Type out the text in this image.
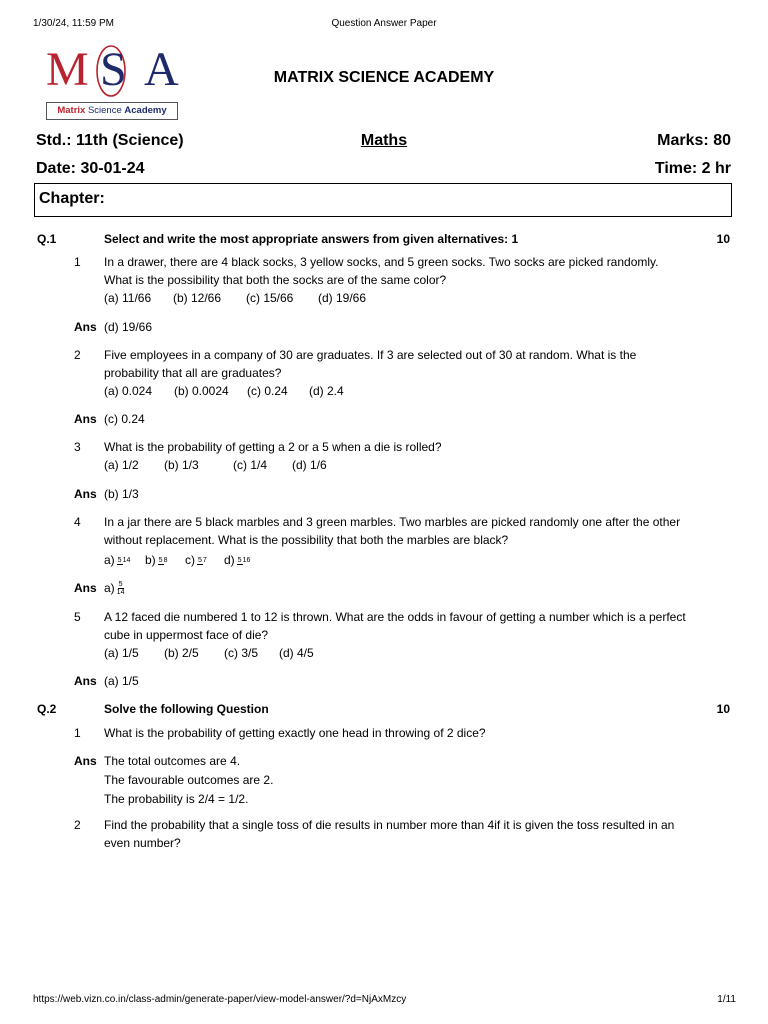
1/30/24, 11:59 PM	Question Answer Paper
https://web.vizn.co.in/class-admin/generate-paper/view-model-answer/?d=NjAxMzcy	1/11
M S A
Matrix Science Academy
MATRIX SCIENCE ACADEMY
Std.: 11th (Science)	Maths	Marks: 80
Date: 30-01-24	Time: 2 hr
Chapter:
Q.1	Select and write the most appropriate answers from given alternatives: 1	10
1 In a drawer, there are 4 black socks, 3 yellow socks, and 5 green socks. Two socks are picked randomly.
What is the possibility that both the socks are of the same color?
(a) 11/66 (b) 12/66 (c) 15/66 (d) 19/66
Ans (d) 19/66
2 Five employees in a company of 30 are graduates. If 3 are selected out of 30 at random. What is the
probability that all are graduates?
(a) 0.024 (b) 0.0024 (c) 0.24 (d) 2.4
Ans (c) 0.24
3 What is the probability of getting a 2 or a 5 when a die is rolled?
(a) 1/2 (b) 1/3	(c) 1/4 (d) 1/6
Ans (b) 1/3
4 In a jar there are 5 black marbles and 3 green marbles. Two marbles are picked randomly one after the other
without replacement. What is the possibility that both the marbles are black?
a) 514 b) 58 c) 57 d) 516
Ans $a) \frac{5}{14}$
5 A 12 faced die numbered 1 to 12 is thrown. What are the odds in favour of getting a number which is a perfect
cube in uppermost face of die?
(a) 1/5 (b) 2/5 (c) 3/5 (d) 4/5
Ans (a) 1/5
Q.2	Solve the following Question	10
1 What is the probability of getting exactly one head in throwing of 2 dice?
Ans The total outcomes are 4.
The favourable outcomes are 2.
The probability is 2/4 = 1/2.
2 Find the probability that a single toss of die results in number more than 4if it is given the toss resulted in an
even number?
